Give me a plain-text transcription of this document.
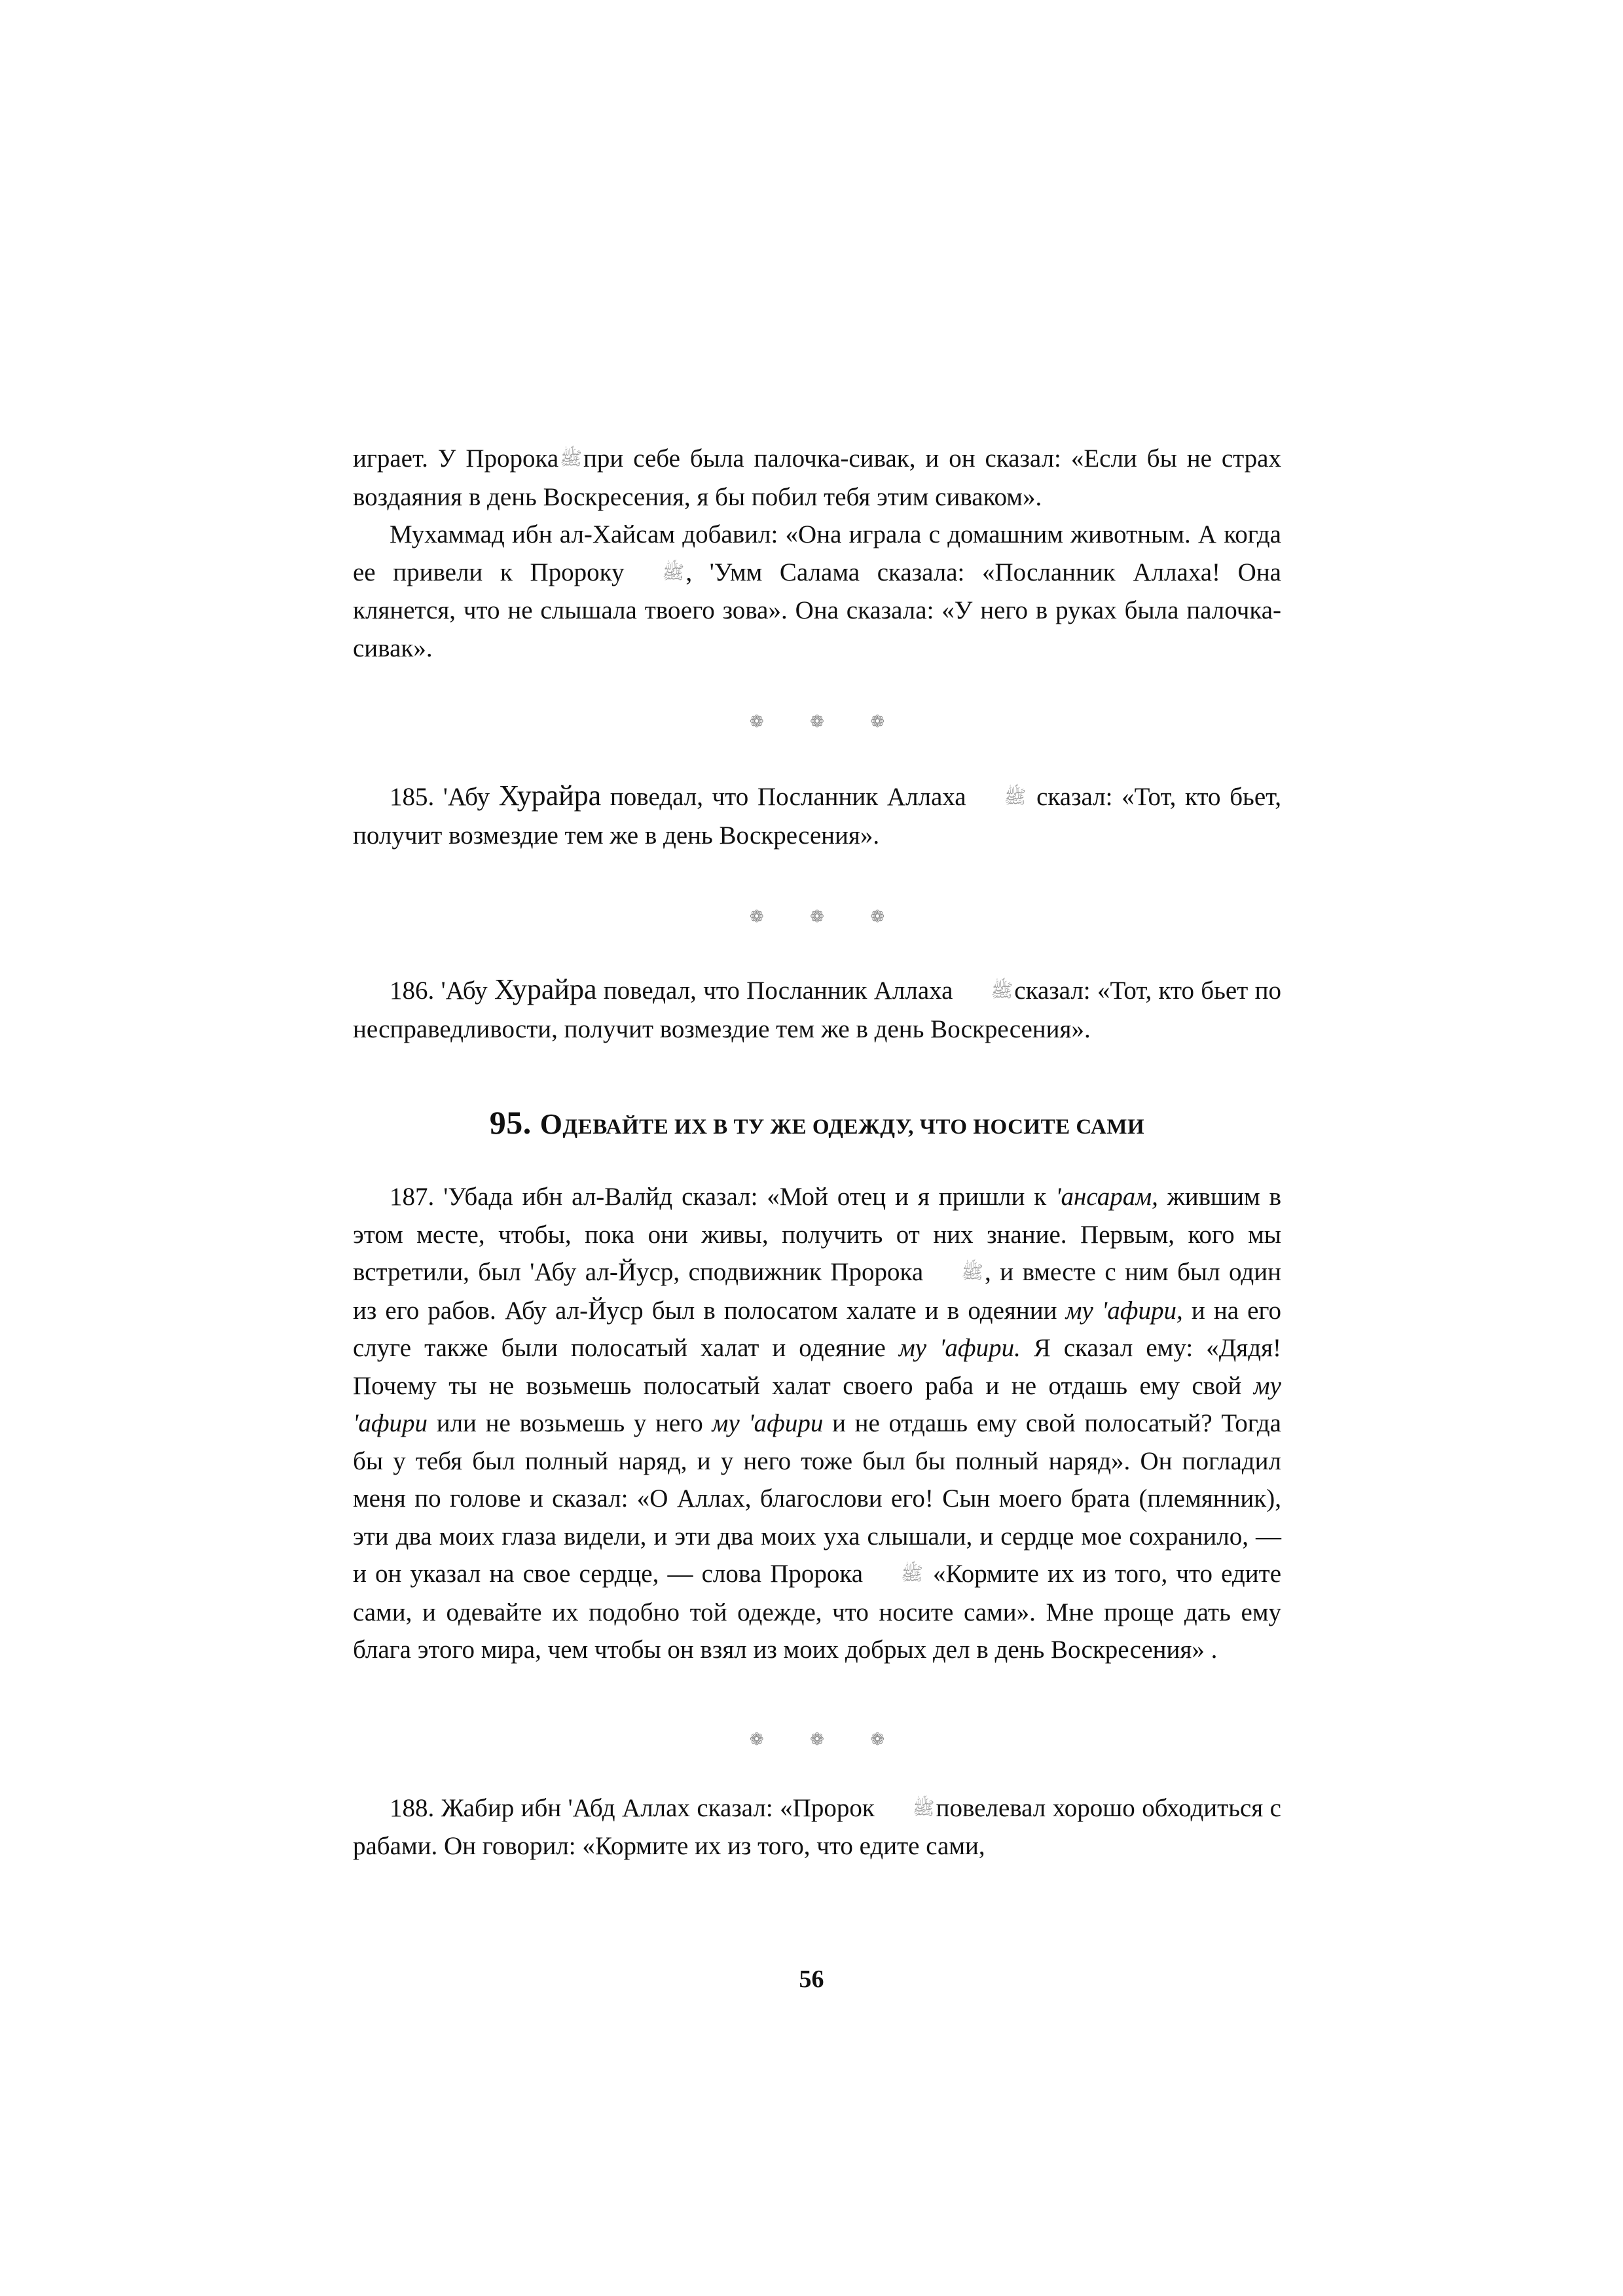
играет. У Пророкаﷺпри себе была палочка-сивак, и он сказал: «Если бы не страх воздаяния в день Воскресения, я бы побил тебя этим сиваком».

Мухаммад ибн ал-Хайсам добавил: «Она играла с домашним животным. А когда ее привели к Пророку ﷺ, 'Умм Салама сказала: «Посланник Аллаха! Она клянется, что не слышала твоего зова». Она сказала: «У него в руках была палочка-сивак».

❁ ❁ ❁

185. 'Абу Хурайра поведал, что Посланник Аллаха ﷺ сказал: «Тот, кто бьет, получит возмездие тем же в день Воскресения».

❁ ❁ ❁

186. 'Абу Хурайра поведал, что Посланник Аллаха ﷺсказал: «Тот, кто бьет по несправедливости, получит возмездие тем же в день Воскресения».

95. ОДЕВАЙТЕ ИХ В ТУ ЖЕ ОДЕЖДУ, ЧТО НОСИТЕ САМИ

187. 'Убада ибн ал-Валйд сказал: «Мой отец и я пришли к 'ансарам, жившим в этом месте, чтобы, пока они живы, получить от них знание. Первым, кого мы встретили, был 'Абу ал-Йуср, сподвижник Пророка ﷺ, и вместе с ним был один из его рабов. Абу ал-Йуср был в полосатом халате и в одеянии му 'афири, и на его слуге также были полосатый халат и одеяние му 'афири. Я сказал ему: «Дядя! Почему ты не возьмешь полосатый халат своего раба и не отдашь ему свой му 'афири или не возьмешь у него му 'афири и не отдашь ему свой полосатый? Тогда бы у тебя был полный наряд, и у него тоже был бы полный наряд». Он погладил меня по голове и сказал: «О Аллах, благослови его! Сын моего брата (племянник), эти два моих глаза видели, и эти два моих уха слышали, и сердце мое сохранило, — и он указал на свое сердце, — слова Пророка ﷺ «Кормите их из того, что едите сами, и одевайте их подобно той одежде, что носите сами». Мне проще дать ему блага этого мира, чем чтобы он взял из моих добрых дел в день Воскресения» .

❁ ❁ ❁

188. Жабир ибн 'Абд Аллах сказал: «Пророк ﷺповелевал хорошо обходиться с рабами. Он говорил: «Кормите их из того, что едите сами,

56
